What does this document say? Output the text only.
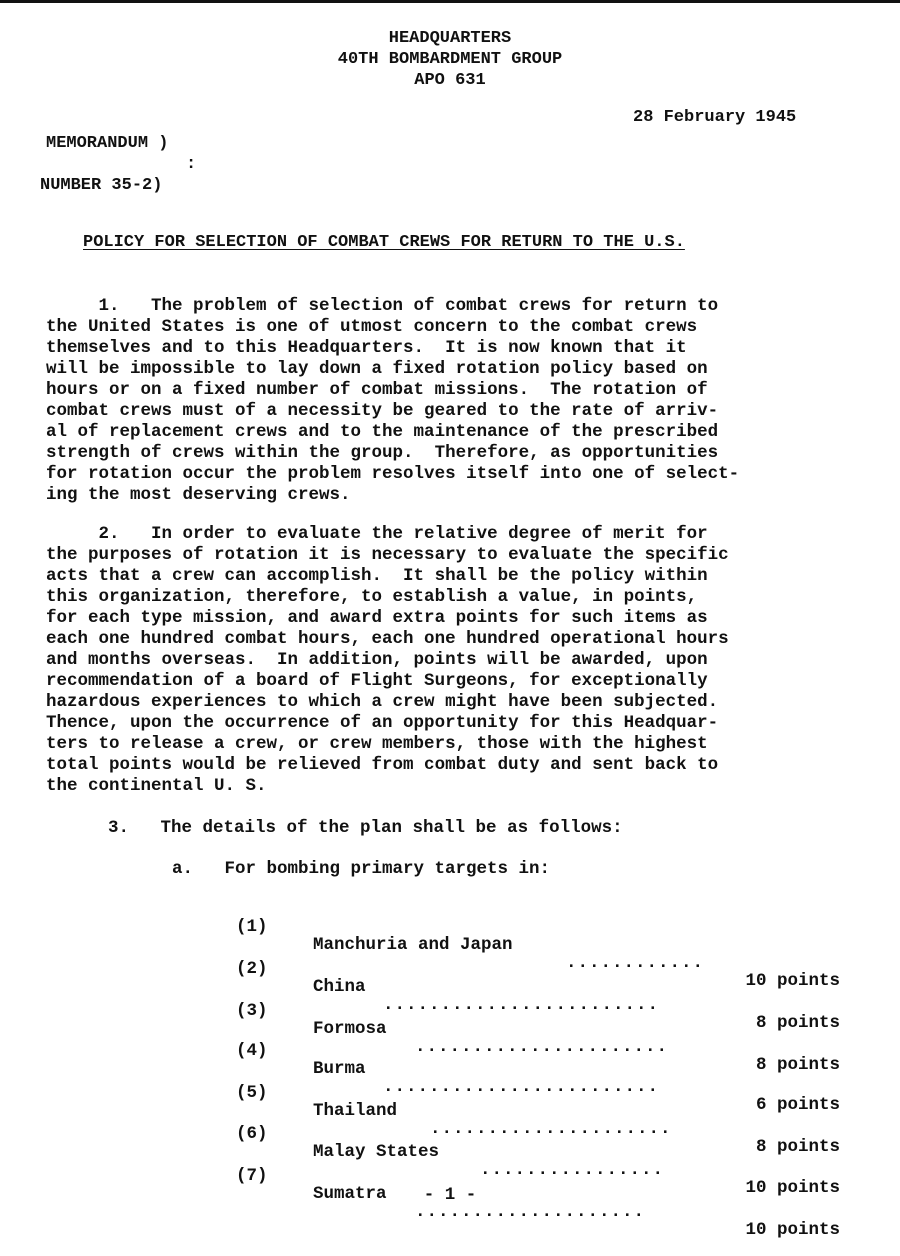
HEADQUARTERS
40TH BOMBARDMENT GROUP
APO 631
28 February 1945
MEMORANDUM )
:
NUMBER 35-2)
POLICY FOR SELECTION OF COMBAT CREWS FOR RETURN TO THE U.S.
1.   The problem of selection of combat crews for return to
the United States is one of utmost concern to the combat crews
themselves and to this Headquarters.  It is now known that it
will be impossible to lay down a fixed rotation policy based on
hours or on a fixed number of combat missions.  The rotation of
combat crews must of a necessity be geared to the rate of arriv-
al of replacement crews and to the maintenance of the prescribed
strength of crews within the group.  Therefore, as opportunities
for rotation occur the problem resolves itself into one of select-
ing the most deserving crews.
2.   In order to evaluate the relative degree of merit for
the purposes of rotation it is necessary to evaluate the specific
acts that a crew can accomplish.  It shall be the policy within
this organization, therefore, to establish a value, in points,
for each type mission, and award extra points for such items as
each one hundred combat hours, each one hundred operational hours
and months overseas.  In addition, points will be awarded, upon
recommendation of a board of Flight Surgeons, for exceptionally
hazardous experiences to which a crew might have been subjected.
Thence, upon the occurrence of an opportunity for this Headquar-
ters to release a crew, or crew members, those with the highest
total points would be relieved from combat duty and sent back to
the continental U. S.
3.   The details of the plan shall be as follows:
a.   For bombing primary targets in:

(1)

Manchuria and Japan

............

10 points

(2)

China

........................

8 points

(3)

Formosa

......................

8 points

(4)

Burma

........................

6 points

(5)

Thailand

.....................

8 points

(6)

Malay States

................

10 points

(7)

Sumatra

....................

10 points

- 1 -
